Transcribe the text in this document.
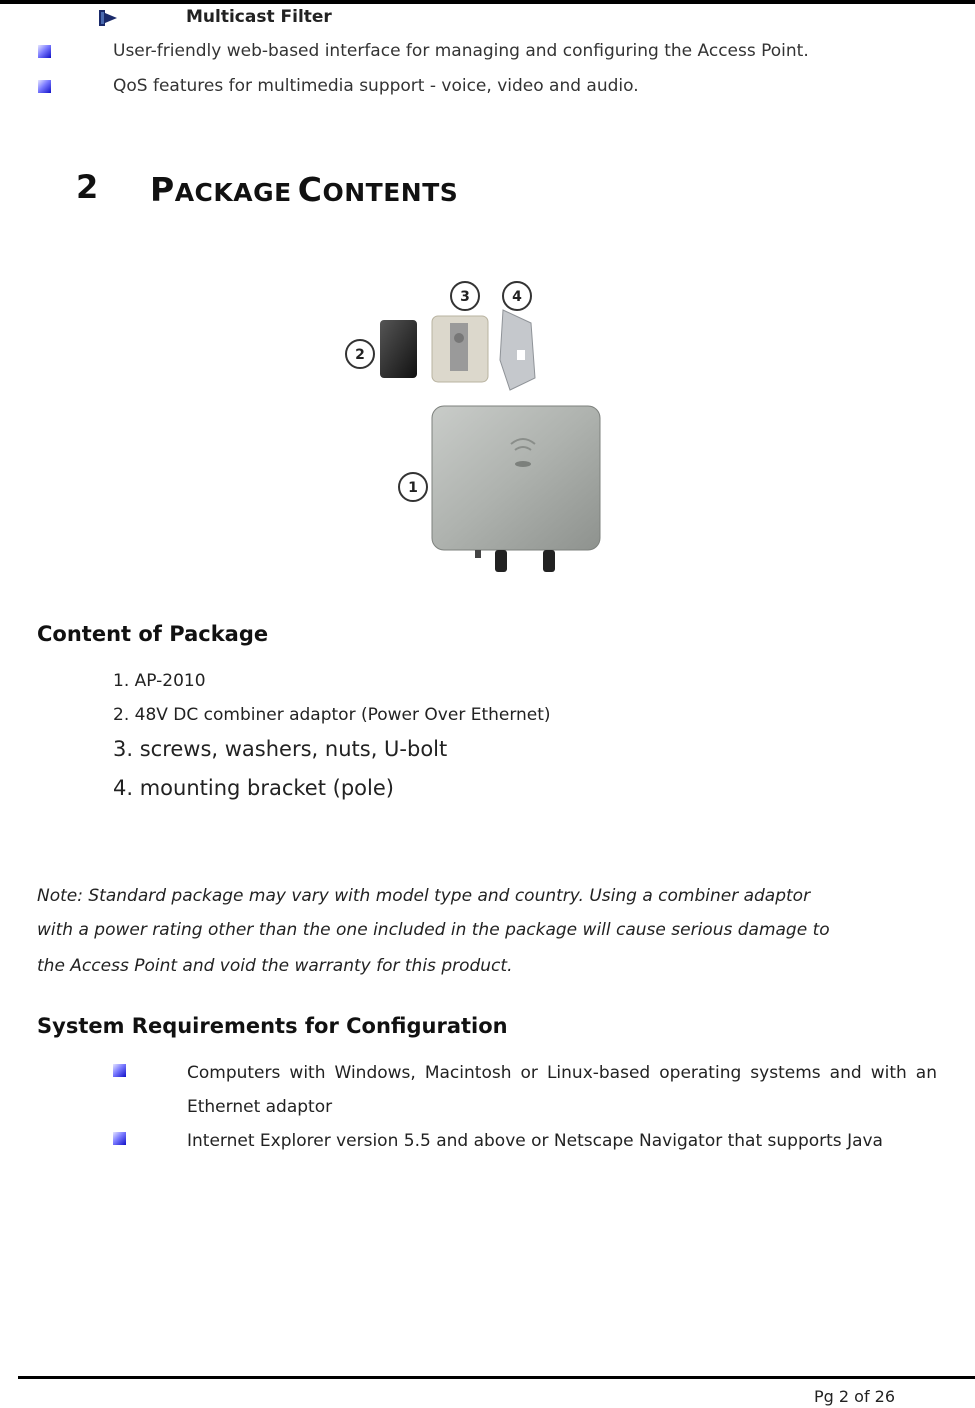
Multicast Filter
User-friendly web-based interface for managing and configuring the Access Point.
QoS features for multimedia support - voice, video and audio.
2 PACKAGE CONTENTS
1
2
3	4
Content of Package
1. AP-2010
2. 48V DC combiner adaptor (Power Over Ethernet)
3. screws, washers, nuts, U-bolt
4. mounting bracket (pole)
Note: Standard package may vary with model type and country. Using a combiner adaptor
with a power rating other than the one included in the package will cause serious damage to
the Access Point and void the warranty for this product.
System Requirements for Configuration
Computers with Windows, Macintosh or Linux-based operating systems and with an Ethernet adaptor
Internet Explorer version 5.5 and above or Netscape Navigator that supports Java
Pg 2 of 26
